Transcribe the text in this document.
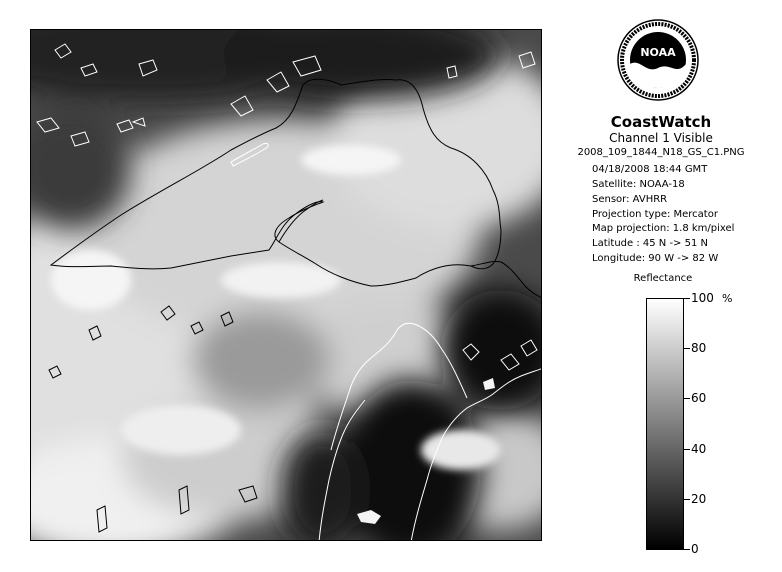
NOAA
CoastWatch
Channel 1 Visible
2008_109_1844_N18_GS_C1.PNG
04/18/2008 18:44 GMT
Satellite: NOAA-18
Sensor: AVHRR
Projection type: Mercator
Map projection: 1.8 km/pixel
Latitude : 45 N -> 51 N
Longitude: 90 W -> 82 W
Reflectance
%
100
80
60
40
20
0
